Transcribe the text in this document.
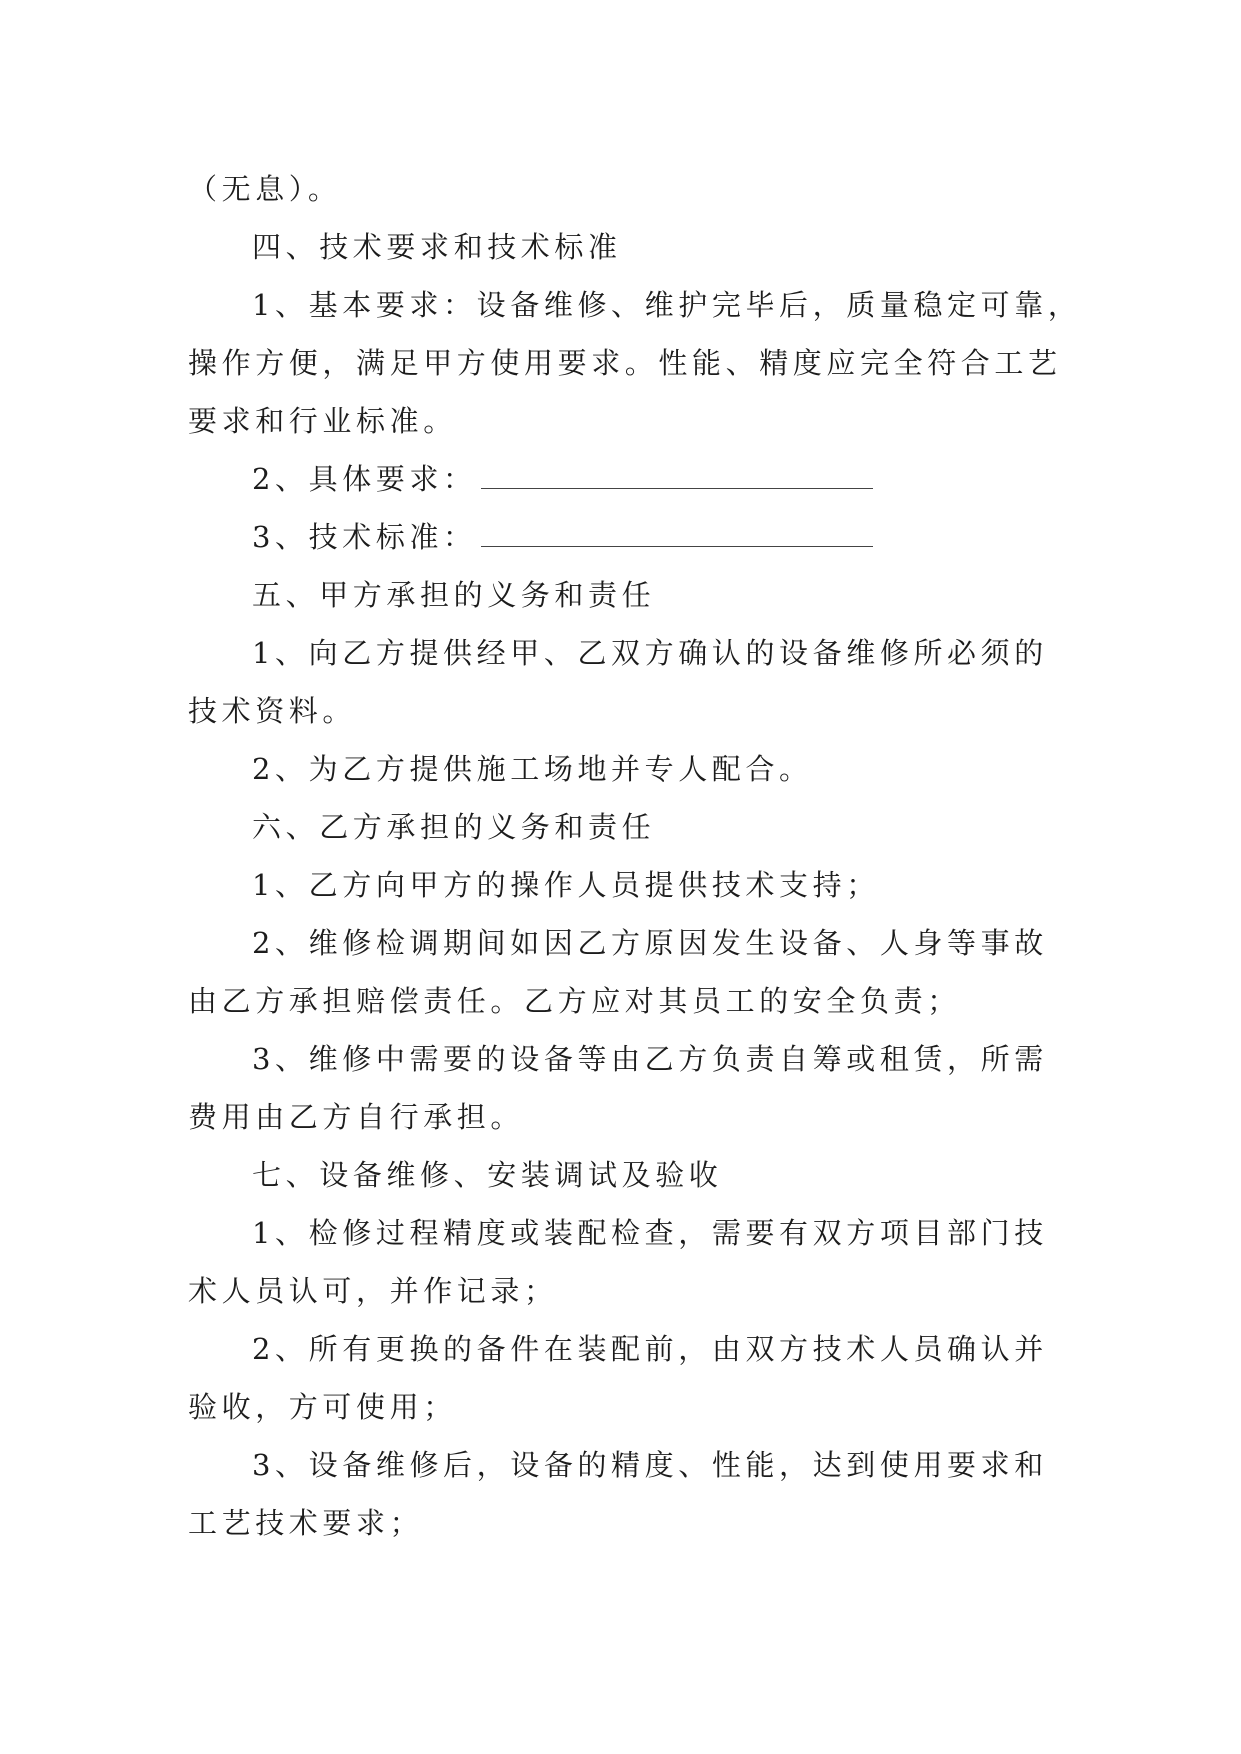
（无息）。
四、技术要求和技术标准
1、基本要求：设备维修、维护完毕后，质量稳定可靠，
操作方便，满足甲方使用要求。性能、精度应完全符合工艺
要求和行业标准。
2、具体要求：
3、技术标准：
五、甲方承担的义务和责任
1、向乙方提供经甲、乙双方确认的设备维修所必须的
技术资料。
2、为乙方提供施工场地并专人配合。
六、乙方承担的义务和责任
1、乙方向甲方的操作人员提供技术支持；
2、维修检调期间如因乙方原因发生设备、人身等事故
由乙方承担赔偿责任。乙方应对其员工的安全负责；
3、维修中需要的设备等由乙方负责自筹或租赁，所需
费用由乙方自行承担。
七、设备维修、安装调试及验收
1、检修过程精度或装配检查，需要有双方项目部门技
术人员认可，并作记录；
2、所有更换的备件在装配前，由双方技术人员确认并
验收，方可使用；
3、设备维修后，设备的精度、性能，达到使用要求和
工艺技术要求；
